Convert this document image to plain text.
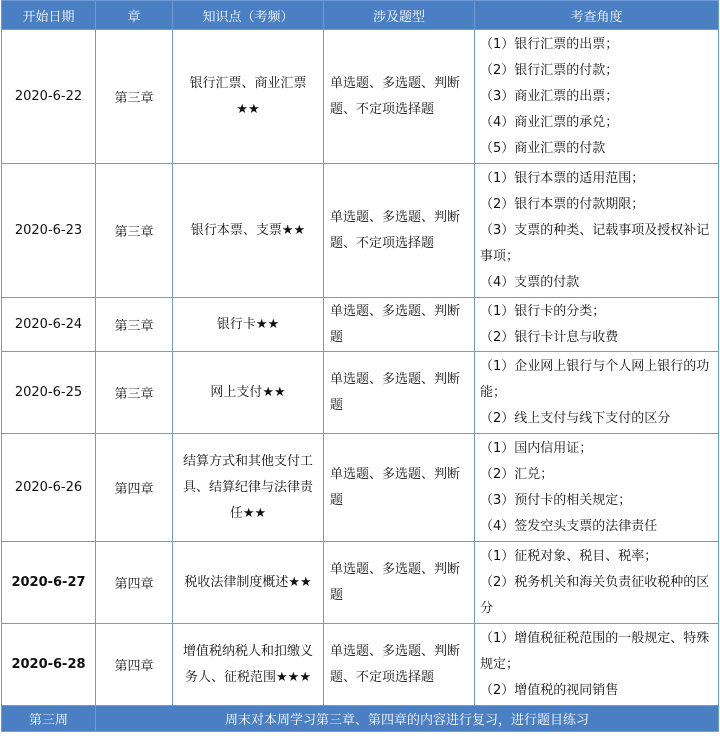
开始日期	章	知识点（考频）	涉及题型	考查角度
2020-6-22	第三章	银行汇票、商业汇票★★	单选题、多选题、判断题、不定项选择题	（1）银行汇票的出票；
（2）银行汇票的付款；
（3）商业汇票的出票；
（4）商业汇票的承兑；
（5）商业汇票的付款

2020-6-23	第三章	银行本票、支票★★	单选题、多选题、判断题、不定项选择题	（1）银行本票的适用范围；
（2）银行本票的付款期限；
（3）支票的种类、记载事项及授权补记事项；
（4）支票的付款

2020-6-24	第三章	银行卡★★	单选题、多选题、判断题	（1）银行卡的分类；
（2）银行卡计息与收费

2020-6-25	第三章	网上支付★★	单选题、多选题、判断题	（1）企业网上银行与个人网上银行的功能；
（2）线上支付与线下支付的区分

2020-6-26	第四章	结算方式和其他支付工具、结算纪律与法律责任★★	单选题、多选题、判断题	（1）国内信用证；
（2）汇兑；
（3）预付卡的相关规定；
（4）签发空头支票的法律责任

2020-6-27	第四章	税收法律制度概述★★	单选题、多选题、判断题	（1）征税对象、税目、税率；
（2）税务机关和海关负责征收税种的区分

2020-6-28	第四章	增值税纳税人和扣缴义务人、征税范围★★★	单选题、多选题、判断题、不定项选择题	（1）增值税征税范围的一般规定、特殊规定；
（2）增值税的视同销售

第三周	周末对本周学习第三章、第四章的内容进行复习，进行题目练习			
